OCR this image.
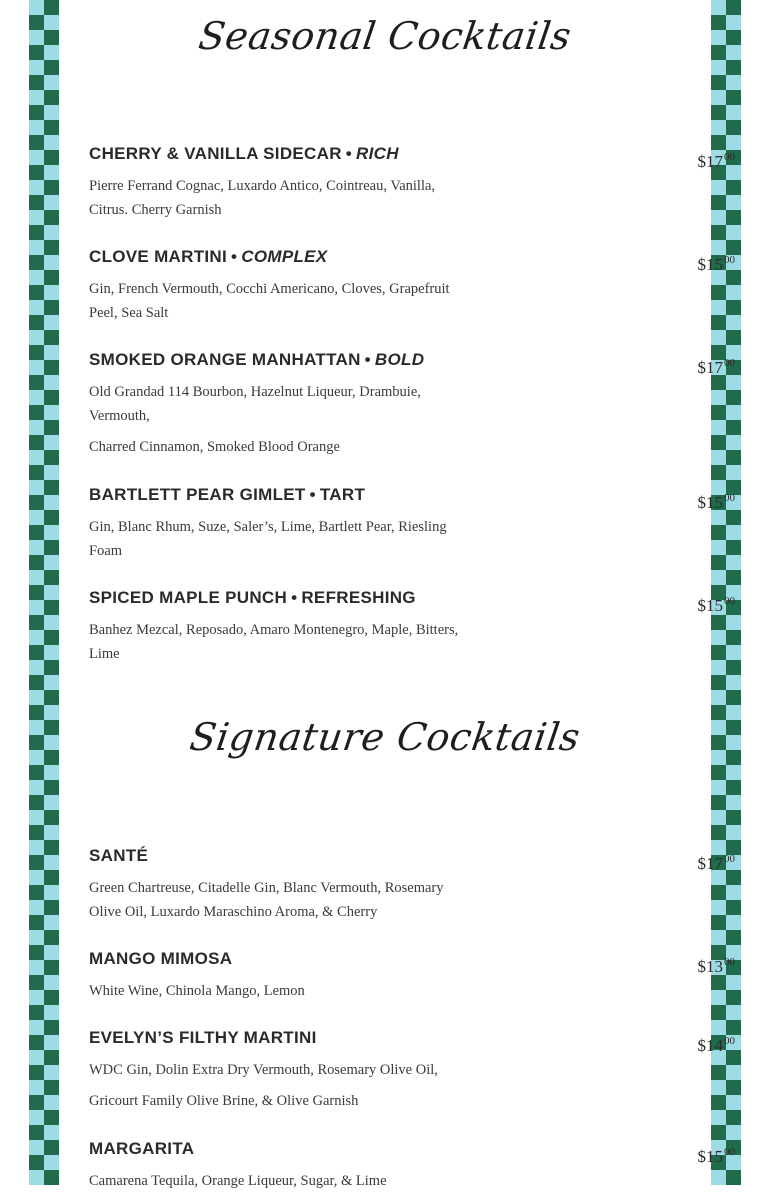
Seasonal Cocktails
CHERRY & VANILLA SIDECAR • RICH
Pierre Ferrand Cognac, Luxardo Antico, Cointreau, Vanilla, Citrus. Cherry Garnish
$\$17^{00}$
CLOVE MARTINI • COMPLEX
Gin, French Vermouth, Cocchi Americano, Cloves, Grapefruit Peel, Sea Salt
$\$15^{00}$
SMOKED ORANGE MANHATTAN • BOLD
Old Grandad 114 Bourbon, Hazelnut Liqueur, Drambuie, Vermouth,
Charred Cinnamon, Smoked Blood Orange
$\$17^{00}$
BARTLETT PEAR GIMLET • TART
Gin, Blanc Rhum, Suze, Saler’s, Lime, Bartlett Pear, Riesling Foam
$\$15^{00}$
SPICED MAPLE PUNCH • REFRESHING
Banhez Mezcal, Reposado, Amaro Montenegro, Maple, Bitters, Lime
$\$15^{00}$
Signature Cocktails
SANTÉ
Green Chartreuse, Citadelle Gin, Blanc Vermouth, Rosemary Olive Oil, Luxardo Maraschino Aroma, & Cherry
$\$17^{00}$
MANGO MIMOSA
White Wine, Chinola Mango, Lemon
$\$13^{00}$
EVELYN’S FILTHY MARTINI
WDC Gin, Dolin Extra Dry Vermouth, Rosemary Olive Oil,
Gricourt Family Olive Brine, & Olive Garnish
$\$14^{00}$
MARGARITA
Camarena Tequila, Orange Liqueur, Sugar, & Lime
$\$15^{00}$
